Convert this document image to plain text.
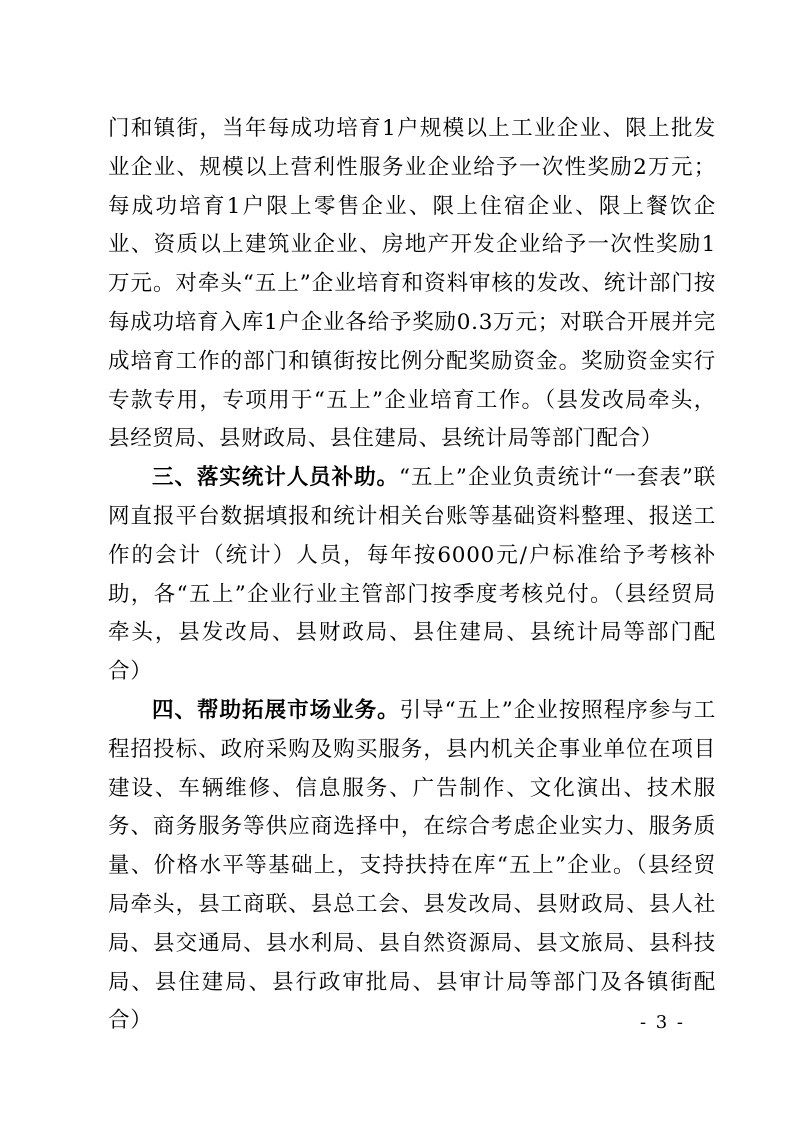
门和镇街，当年每成功培育1户规模以上工业企业、限上批发业企业、规模以上营利性服务业企业给予一次性奖励2万元；每成功培育1户限上零售企业、限上住宿企业、限上餐饮企业、资质以上建筑业企业、房地产开发企业给予一次性奖励1万元。对牵头“五上”企业培育和资料审核的发改、统计部门按每成功培育入库1户企业各给予奖励0.3万元；对联合开展并完成培育工作的部门和镇街按比例分配奖励资金。奖励资金实行专款专用，专项用于“五上”企业培育工作。（县发改局牵头，县经贸局、县财政局、县住建局、县统计局等部门配合）

三、落实统计人员补助。“五上”企业负责统计“一套表”联网直报平台数据填报和统计相关台账等基础资料整理、报送工作的会计（统计）人员，每年按6000元/户标准给予考核补助，各“五上”企业行业主管部门按季度考核兑付。（县经贸局牵头，县发改局、县财政局、县住建局、县统计局等部门配合）

四、帮助拓展市场业务。引导“五上”企业按照程序参与工程招投标、政府采购及购买服务，县内机关企事业单位在项目建设、车辆维修、信息服务、广告制作、文化演出、技术服务、商务服务等供应商选择中，在综合考虑企业实力、服务质量、价格水平等基础上，支持扶持在库“五上”企业。（县经贸局牵头，县工商联、县总工会、县发改局、县财政局、县人社局、县交通局、县水利局、县自然资源局、县文旅局、县科技局、县住建局、县行政审批局、县审计局等部门及各镇街配合）	- 3 -
